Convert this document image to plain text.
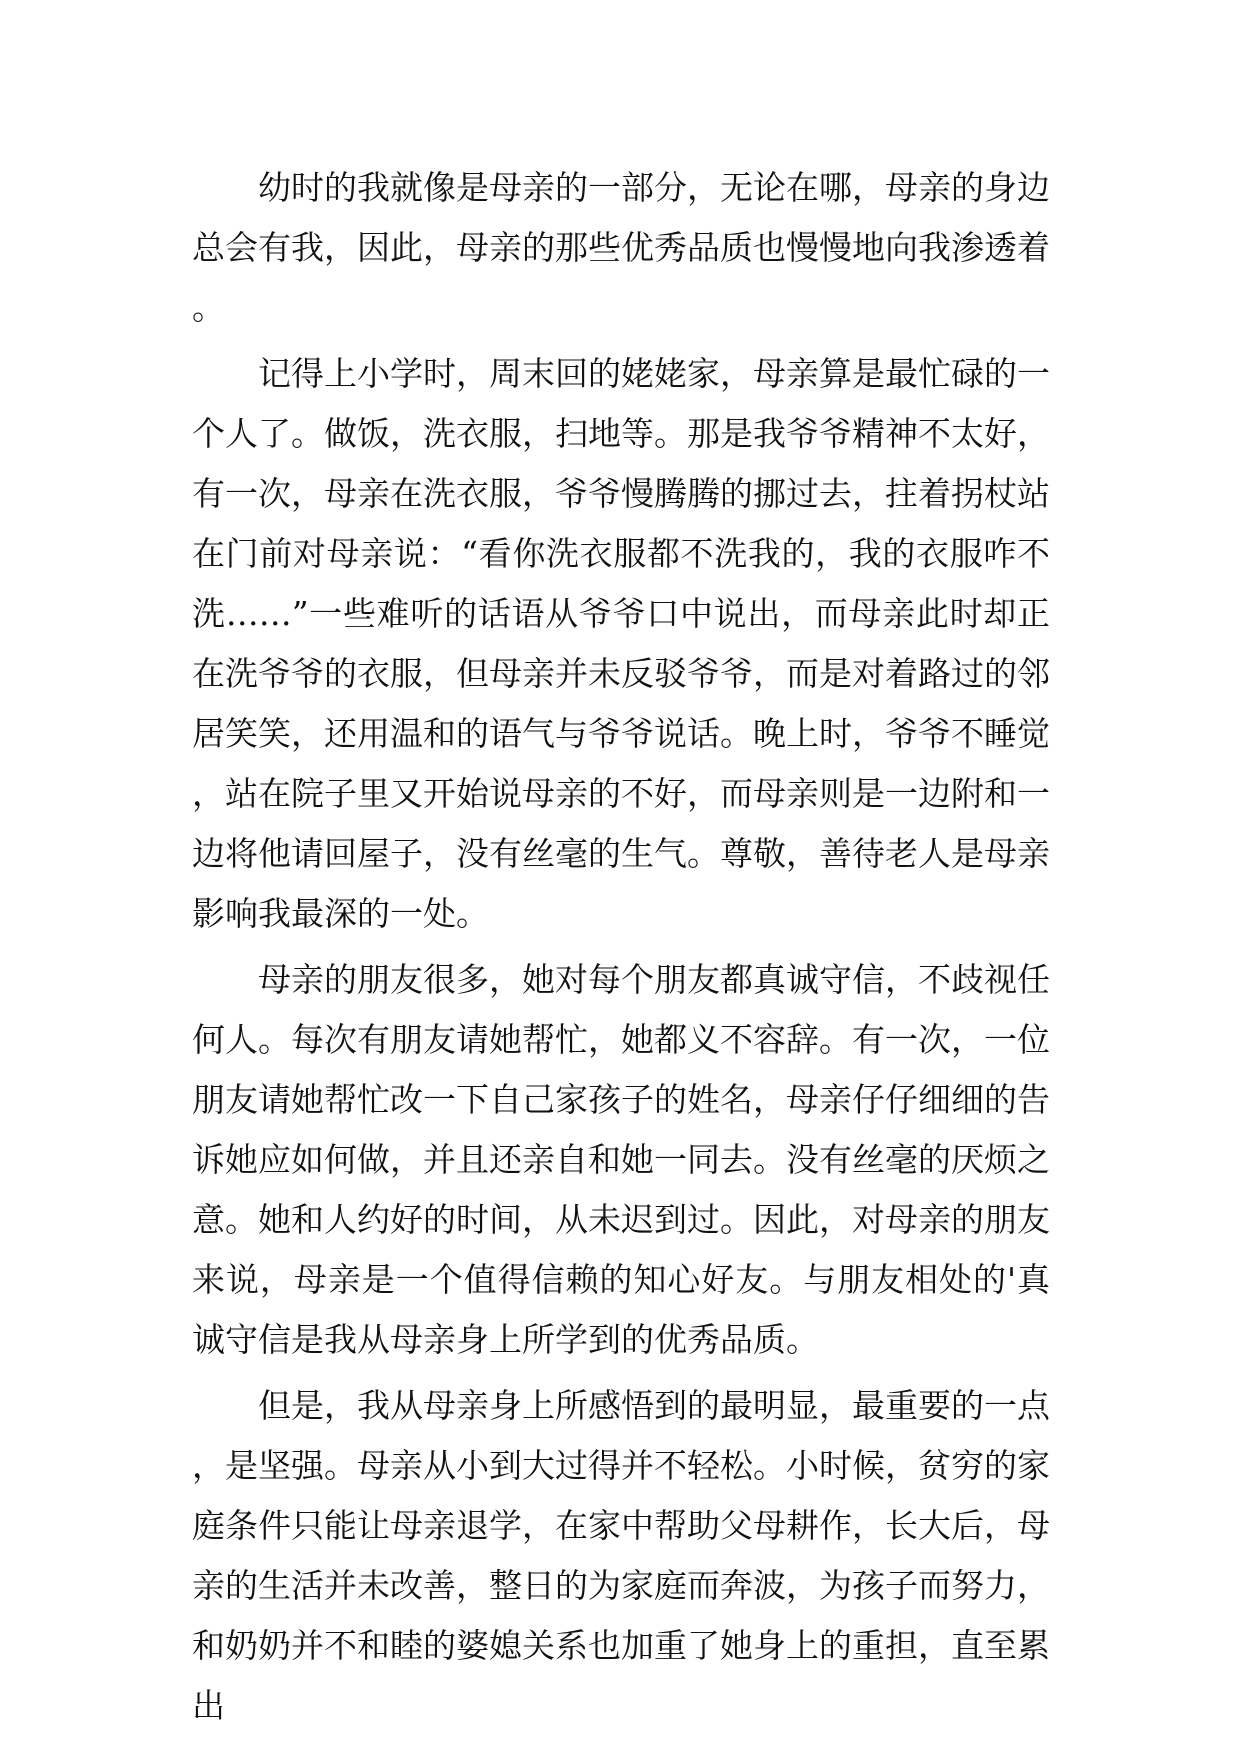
幼时的我就像是母亲的一部分，无论在哪，母亲的身边总会有我，因此，母亲的那些优秀品质也慢慢地向我渗透着。

记得上小学时，周末回的姥姥家，母亲算是最忙碌的一个人了。做饭，洗衣服，扫地等。那是我爷爷精神不太好，有一次，母亲在洗衣服，爷爷慢腾腾的挪过去，拄着拐杖站在门前对母亲说：“看你洗衣服都不洗我的，我的衣服咋不洗……”一些难听的话语从爷爷口中说出，而母亲此时却正在洗爷爷的衣服，但母亲并未反驳爷爷，而是对着路过的邻居笑笑，还用温和的语气与爷爷说话。晚上时，爷爷不睡觉，站在院子里又开始说母亲的不好，而母亲则是一边附和一边将他请回屋子，没有丝毫的生气。尊敬，善待老人是母亲影响我最深的一处。

母亲的朋友很多，她对每个朋友都真诚守信，不歧视任何人。每次有朋友请她帮忙，她都义不容辞。有一次，一位朋友请她帮忙改一下自己家孩子的姓名，母亲仔仔细细的告诉她应如何做，并且还亲自和她一同去。没有丝毫的厌烦之意。她和人约好的时间，从未迟到过。因此，对母亲的朋友来说，母亲是一个值得信赖的知心好友。与朋友相处的'真诚守信是我从母亲身上所学到的优秀品质。

但是，我从母亲身上所感悟到的最明显，最重要的一点，是坚强。母亲从小到大过得并不轻松。小时候，贫穷的家庭条件只能让母亲退学，在家中帮助父母耕作，长大后，母亲的生活并未改善，整日的为家庭而奔波，为孩子而努力，和奶奶并不和睦的婆媳关系也加重了她身上的重担，直至累出
